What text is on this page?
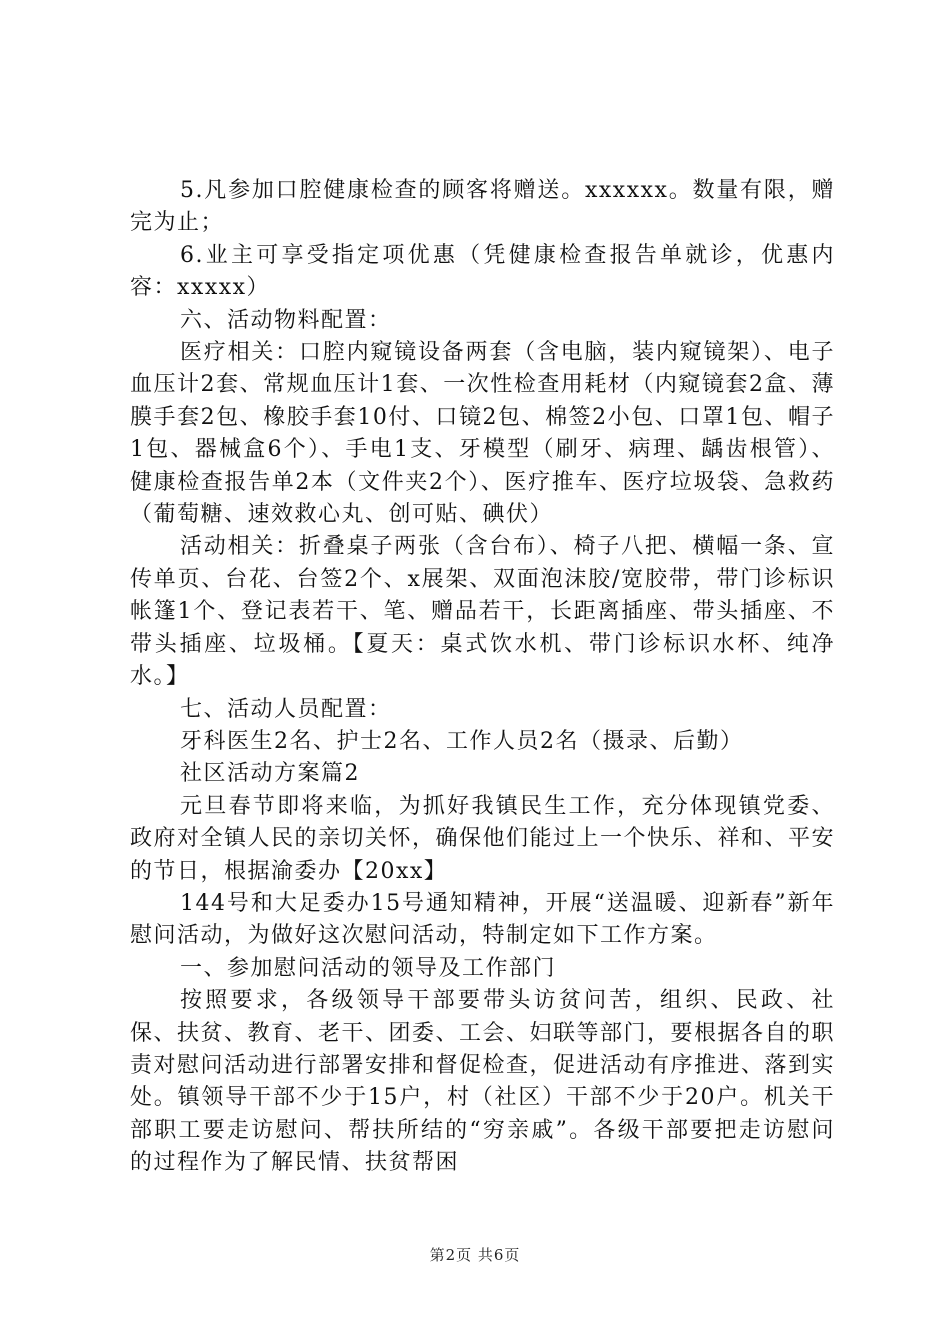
5.凡参加口腔健康检查的顾客将赠送。xxxxxx。数量有限，赠完为止；

6.业主可享受指定项优惠（凭健康检查报告单就诊，优惠内容：xxxxx）

六、活动物料配置：

医疗相关：口腔内窥镜设备两套（含电脑，装内窥镜架）、电子血压计2套、常规血压计1套、一次性检查用耗材（内窥镜套2盒、薄膜手套2包、橡胶手套10付、口镜2包、棉签2小包、口罩1包、帽子1包、器械盒6个）、手电1支、牙模型（刷牙、病理、龋齿根管）、健康检查报告单2本（文件夹2个）、医疗推车、医疗垃圾袋、急救药（葡萄糖、速效救心丸、创可贴、碘伏）

活动相关：折叠桌子两张（含台布）、椅子八把、横幅一条、宣传单页、台花、台签2个、x展架、双面泡沫胶/宽胶带，带门诊标识帐篷1个、登记表若干、笔、赠品若干，长距离插座、带头插座、不带头插座、垃圾桶。【夏天：桌式饮水机、带门诊标识水杯、纯净水。】

七、活动人员配置：

牙科医生2名、护士2名、工作人员2名（摄录、后勤）

社区活动方案篇2

元旦春节即将来临，为抓好我镇民生工作，充分体现镇党委、政府对全镇人民的亲切关怀，确保他们能过上一个快乐、祥和、平安的节日，根据渝委办【20xx】

144号和大足委办15号通知精神，开展“送温暖、迎新春”新年慰问活动，为做好这次慰问活动，特制定如下工作方案。

一、参加慰问活动的领导及工作部门

按照要求，各级领导干部要带头访贫问苦，组织、民政、社保、扶贫、教育、老干、团委、工会、妇联等部门，要根据各自的职责对慰问活动进行部署安排和督促检查，促进活动有序推进、落到实处。镇领导干部不少于15户，村（社区）干部不少于20户。机关干部职工要走访慰问、帮扶所结的“穷亲戚”。各级干部要把走访慰问的过程作为了解民情、扶贫帮困

第2页 共6页
